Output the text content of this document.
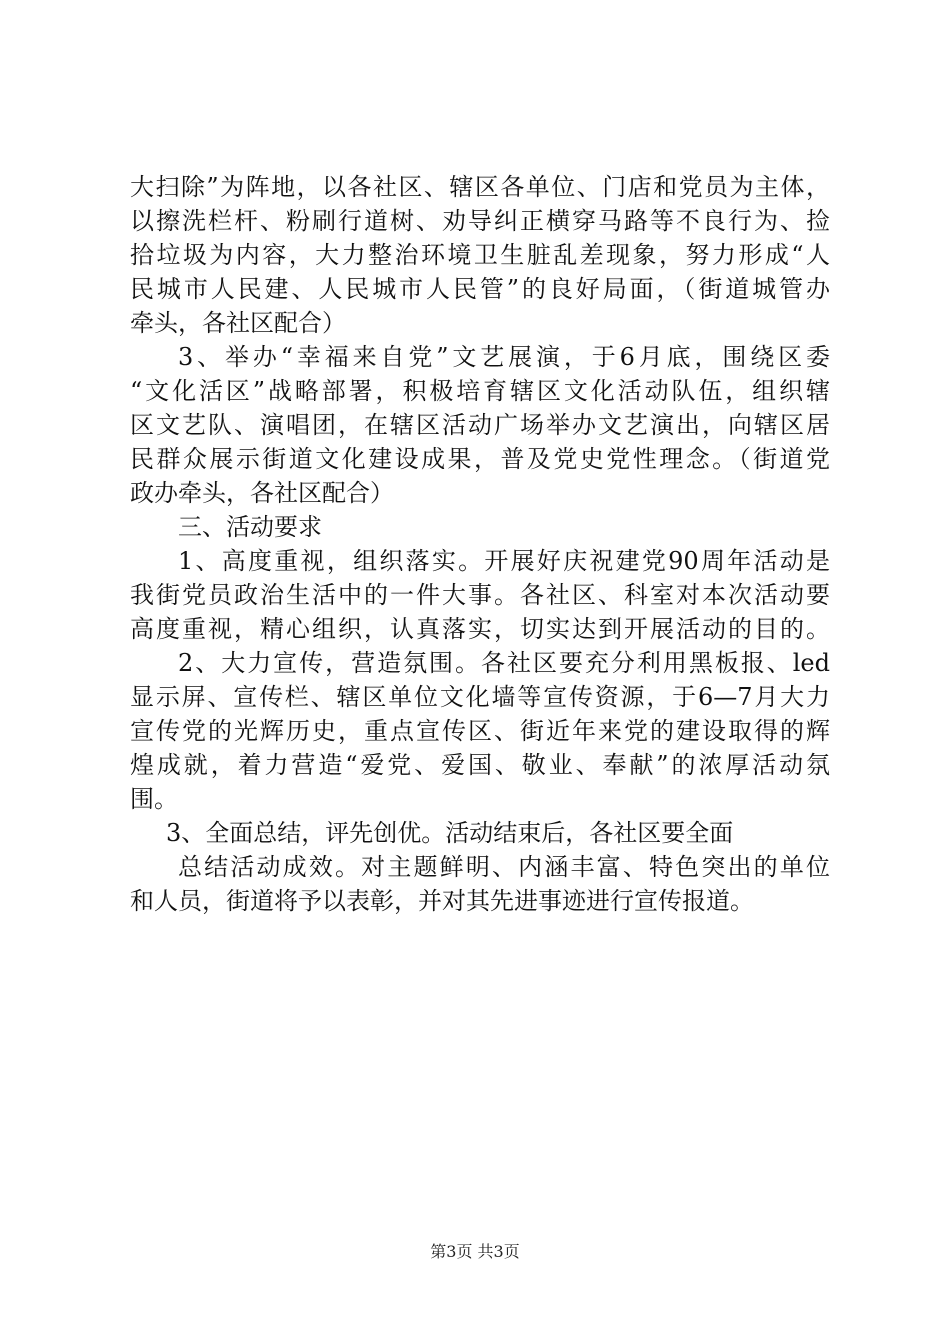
大扫除”为阵地，以各社区、辖区各单位、门店和党员为主体，
以擦洗栏杆、粉刷行道树、劝导纠正横穿马路等不良行为、捡
拾垃圾为内容，大力整治环境卫生脏乱差现象，努力形成“人
民城市人民建、人民城市人民管”的良好局面，（街道城管办
牵头，各社区配合）
3、举办“幸福来自党”文艺展演，于6月底，围绕区委
“文化活区”战略部署，积极培育辖区文化活动队伍，组织辖
区文艺队、演唱团，在辖区活动广场举办文艺演出，向辖区居
民群众展示街道文化建设成果，普及党史党性理念。（街道党
政办牵头，各社区配合）
三、活动要求
1、高度重视，组织落实。开展好庆祝建党90周年活动是
我街党员政治生活中的一件大事。各社区、科室对本次活动要
高度重视，精心组织，认真落实，切实达到开展活动的目的。
2、大力宣传，营造氛围。各社区要充分利用黑板报、led
显示屏、宣传栏、辖区单位文化墙等宣传资源，于6—7月大力
宣传党的光辉历史，重点宣传区、街近年来党的建设取得的辉
煌成就，着力营造“爱党、爱国、敬业、奉献”的浓厚活动氛
围。
3、全面总结，评先创优。活动结束后，各社区要全面
总结活动成效。对主题鲜明、内涵丰富、特色突出的单位
和人员，街道将予以表彰，并对其先进事迹进行宣传报道。
第3页 共3页
